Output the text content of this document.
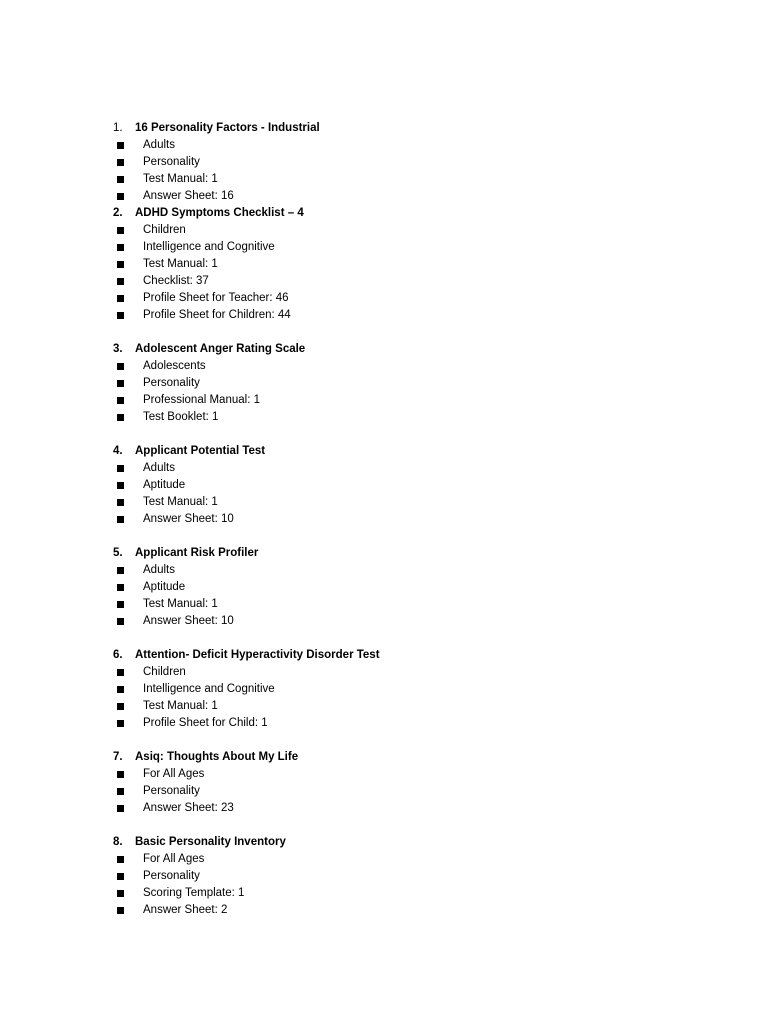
1. 16 Personality Factors - Industrial
Adults
Personality
Test Manual: 1
Answer Sheet: 16
2. ADHD Symptoms Checklist – 4
Children
Intelligence and Cognitive
Test Manual: 1
Checklist: 37
Profile Sheet for Teacher: 46
Profile Sheet for Children: 44
3. Adolescent Anger Rating Scale
Adolescents
Personality
Professional Manual: 1
Test Booklet: 1
4. Applicant Potential Test
Adults
Aptitude
Test Manual: 1
Answer Sheet: 10
5. Applicant Risk Profiler
Adults
Aptitude
Test Manual: 1
Answer Sheet: 10
6. Attention- Deficit Hyperactivity Disorder Test
Children
Intelligence and Cognitive
Test Manual: 1
Profile Sheet for Child: 1
7. Asiq: Thoughts About My Life
For All Ages
Personality
Answer Sheet: 23
8. Basic Personality Inventory
For All Ages
Personality
Scoring Template: 1
Answer Sheet: 2
